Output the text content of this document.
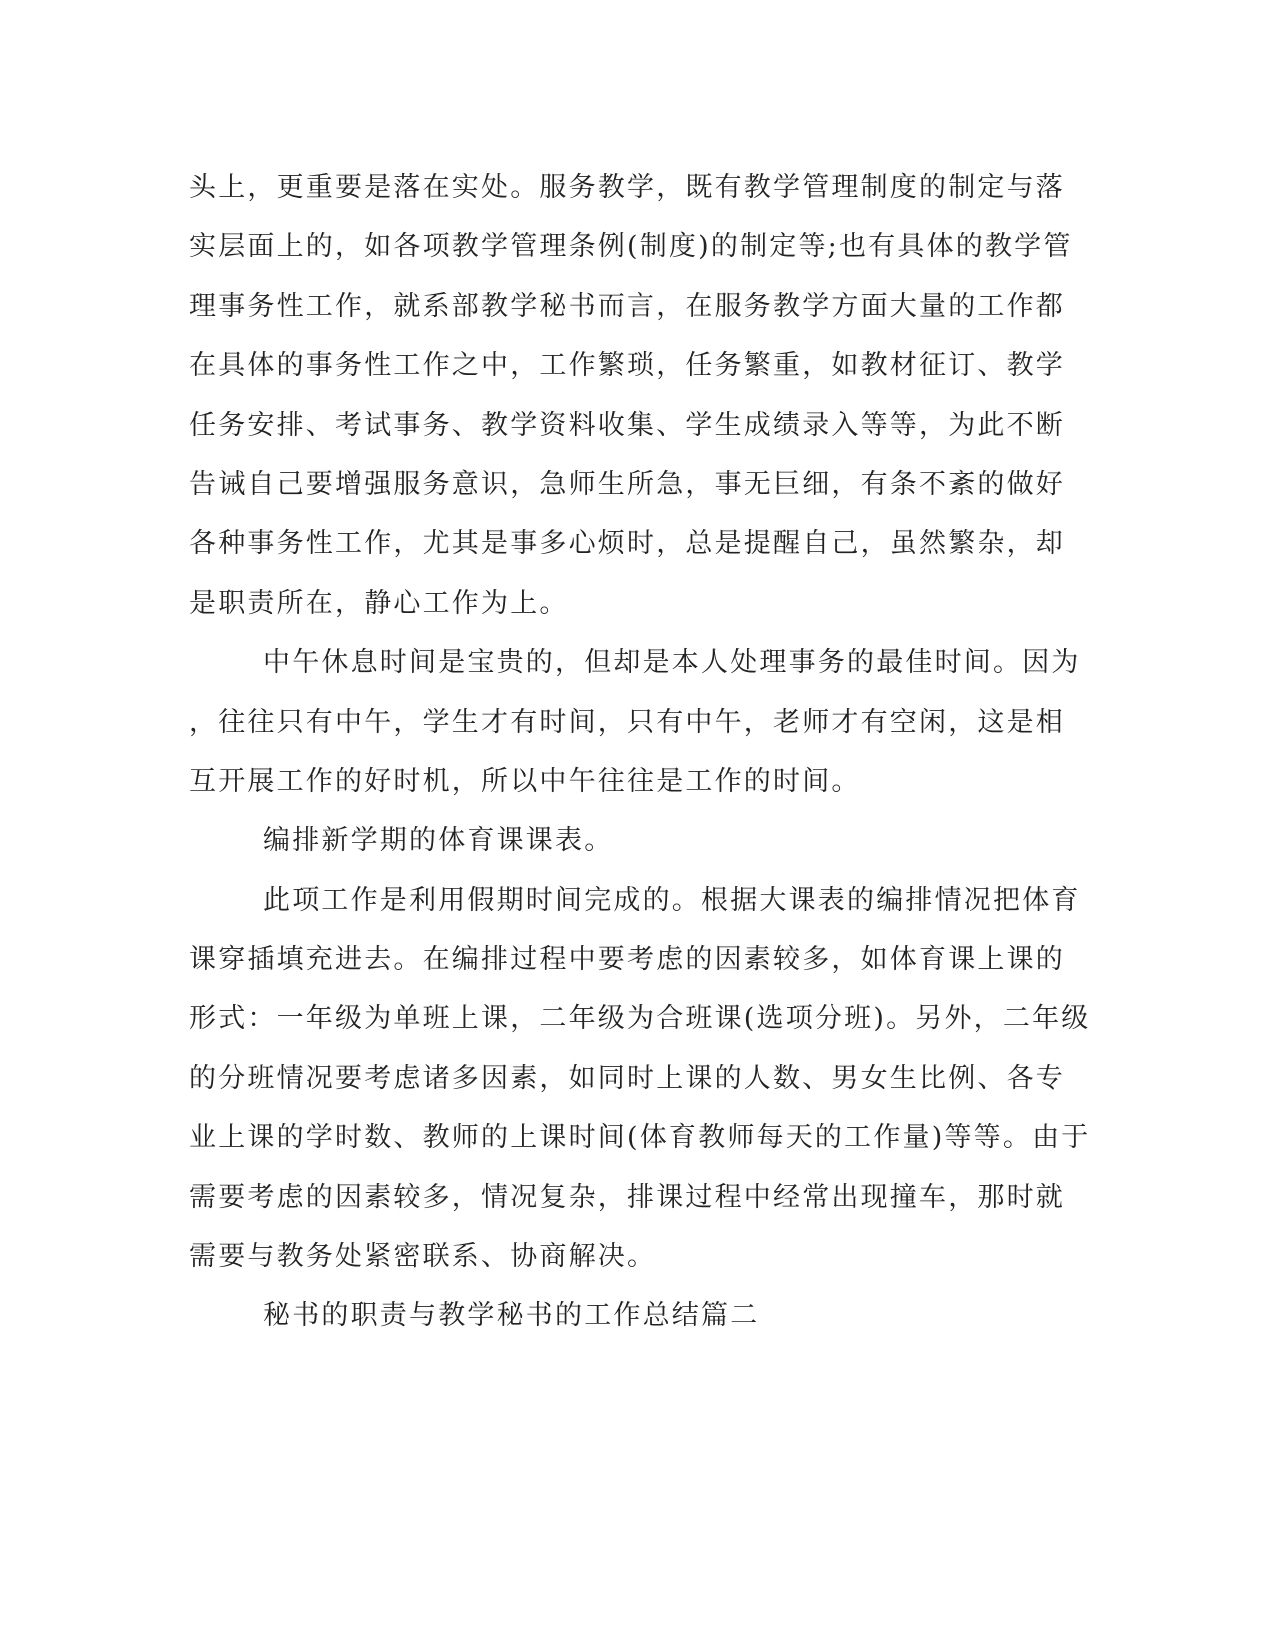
头上，更重要是落在实处。服务教学，既有教学管理制度的制定与落
实层面上的，如各项教学管理条例(制度)的制定等;也有具体的教学管
理事务性工作，就系部教学秘书而言，在服务教学方面大量的工作都
在具体的事务性工作之中，工作繁琐，任务繁重，如教材征订、教学
任务安排、考试事务、教学资料收集、学生成绩录入等等，为此不断
告诫自己要增强服务意识，急师生所急，事无巨细，有条不紊的做好
各种事务性工作，尤其是事多心烦时，总是提醒自己，虽然繁杂，却
是职责所在，静心工作为上。
中午休息时间是宝贵的，但却是本人处理事务的最佳时间。因为
，往往只有中午，学生才有时间，只有中午，老师才有空闲，这是相
互开展工作的好时机，所以中午往往是工作的时间。
编排新学期的体育课课表。
此项工作是利用假期时间完成的。根据大课表的编排情况把体育
课穿插填充进去。在编排过程中要考虑的因素较多，如体育课上课的
形式：一年级为单班上课，二年级为合班课(选项分班)。另外，二年级
的分班情况要考虑诸多因素，如同时上课的人数、男女生比例、各专
业上课的学时数、教师的上课时间(体育教师每天的工作量)等等。由于
需要考虑的因素较多，情况复杂，排课过程中经常出现撞车，那时就
需要与教务处紧密联系、协商解决。
秘书的职责与教学秘书的工作总结篇二
